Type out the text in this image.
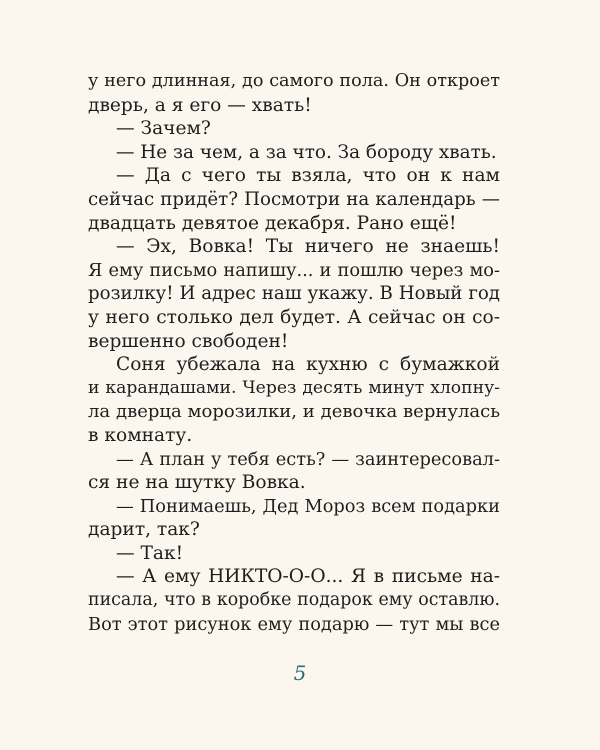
у него длинная, до самого пола. Он откроет
дверь, а я его — хвать!
— Зачем?
— Не за чем, а за что. За бороду хвать.
— Да с чего ты взяла, что он к нам
сейчас придёт? Посмотри на календарь —
двадцать девятое декабря. Рано ещё!
— Эх, Вовка! Ты ничего не знаешь!
Я ему письмо напишу... и пошлю через мо-
розилку! И адрес наш укажу. В Новый год
у него столько дел будет. А сейчас он со-
вершенно свободен!
Соня убежала на кухню с бумажкой
и карандашами. Через десять минут хлопну-
ла дверца морозилки, и девочка вернулась
в комнату.
— А план у тебя есть? — заинтересовал-
ся не на шутку Вовка.
— Понимаешь, Дед Мороз всем подарки
дарит, так?
— Так!
— А ему НИКТО-О-О... Я в письме на-
писала, что в коробке подарок ему оставлю.
Вот этот рисунок ему подарю — тут мы все
5
